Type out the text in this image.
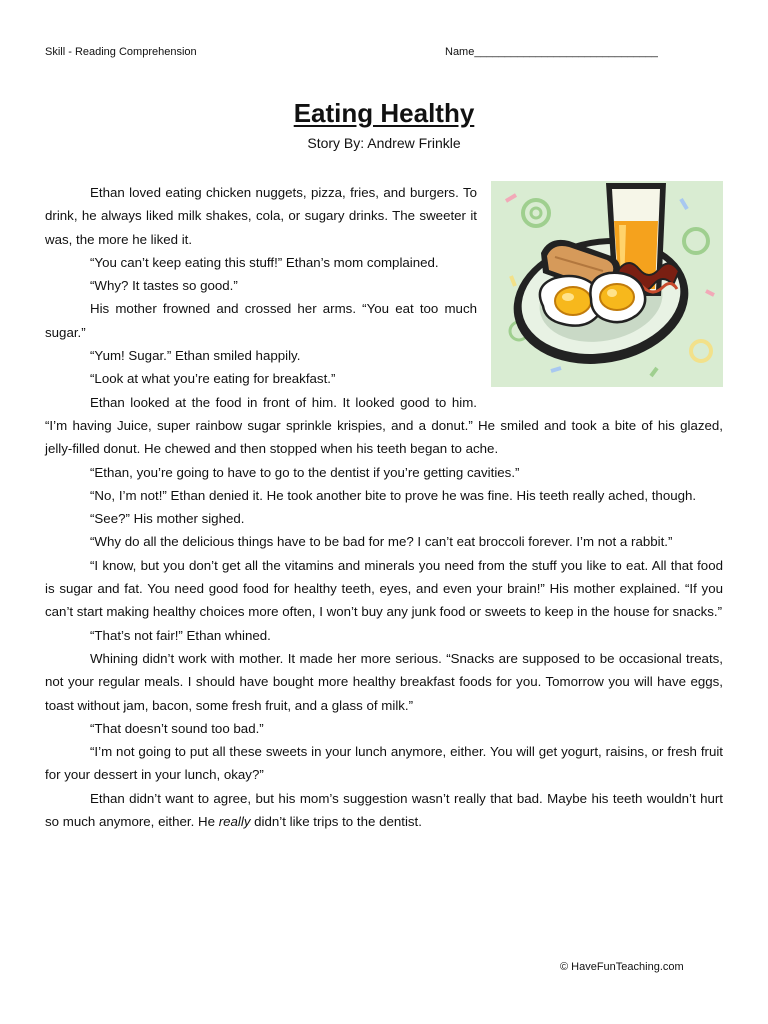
Skill - Reading Comprehension	Name______________________________
Eating Healthy
Story By: Andrew Frinkle

Ethan loved eating chicken nuggets, pizza, fries, and burgers. To drink, he always liked milk shakes, cola, or sugary drinks. The sweeter it was, the more he liked it.

“You can’t keep eating this stuff!” Ethan’s mom complained.

“Why? It tastes so good.”

His mother frowned and crossed her arms. “You eat too much sugar.”

“Yum! Sugar.” Ethan smiled happily.

“Look at what you’re eating for breakfast.”

Ethan looked at the food in front of him. It looked good to him. “I’m having Juice, super rainbow sugar sprinkle krispies, and a donut.” He smiled and took a bite of his glazed, jelly-filled donut. He chewed and then stopped when his teeth began to ache.

“Ethan, you’re going to have to go to the dentist if you’re getting cavities.”

“No, I’m not!” Ethan denied it. He took another bite to prove he was fine. His teeth really ached, though.

“See?” His mother sighed.

“Why do all the delicious things have to be bad for me? I can’t eat broccoli forever. I’m not a rabbit.”

“I know, but you don’t get all the vitamins and minerals you need from the stuff you like to eat. All that food is sugar and fat. You need good food for healthy teeth, eyes, and even your brain!” His mother explained. “If you can’t start making healthy choices more often, I won’t buy any junk food or sweets to keep in the house for snacks.”

“That’s not fair!” Ethan whined.

Whining didn’t work with mother. It made her more serious. “Snacks are supposed to be occasional treats, not your regular meals. I should have bought more healthy breakfast foods for you. Tomorrow you will have eggs, toast without jam, bacon, some fresh fruit, and a glass of milk.”

“That doesn’t sound too bad.”

“I’m not going to put all these sweets in your lunch anymore, either. You will get yogurt, raisins, or fresh fruit for your dessert in your lunch, okay?”

Ethan didn’t want to agree, but his mom’s suggestion wasn’t really that bad. Maybe his teeth wouldn’t hurt so much anymore, either. He really didn’t like trips to the dentist.

© HaveFunTeaching.com
